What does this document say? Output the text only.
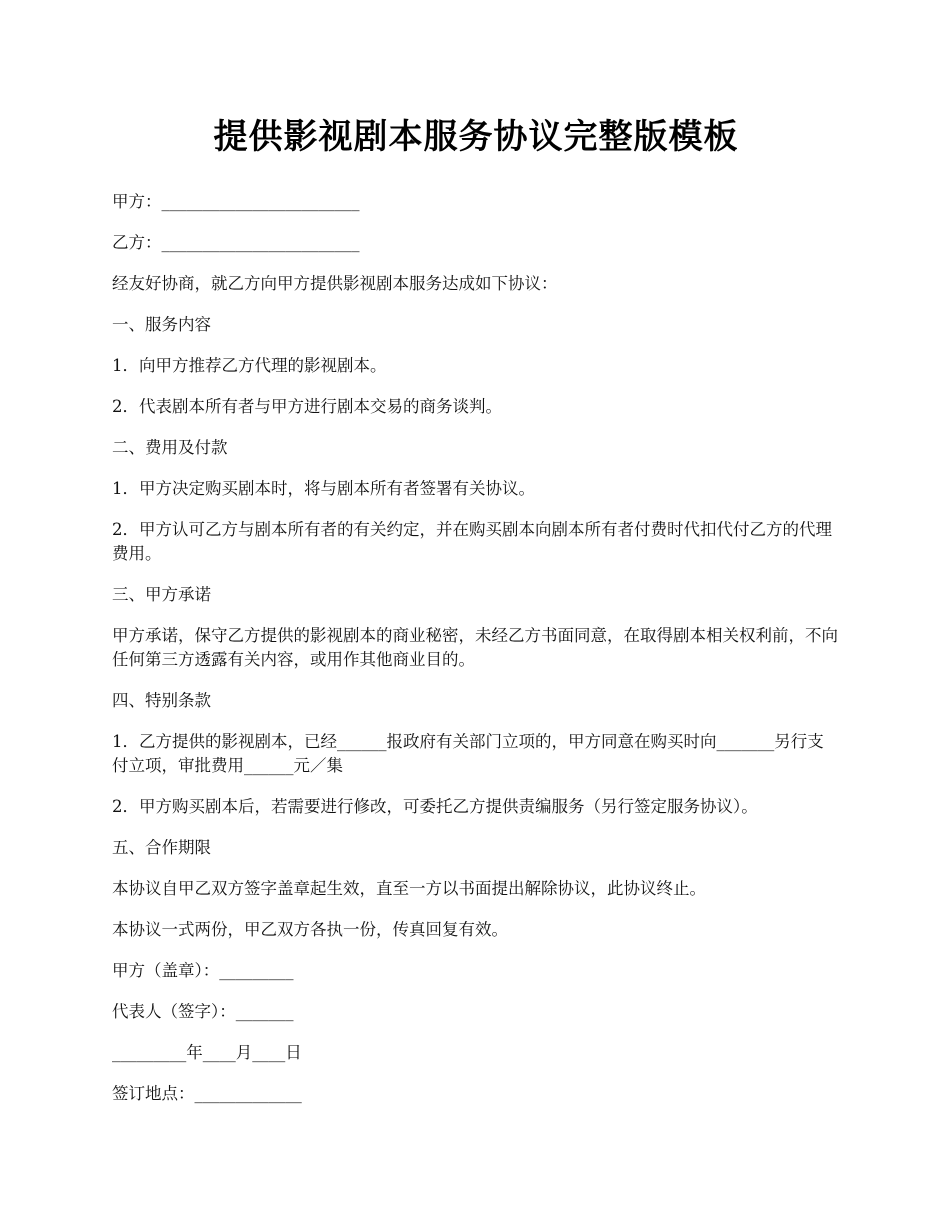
提供影视剧本服务协议完整版模板

甲方：________________________

乙方：________________________

经友好协商，就乙方向甲方提供影视剧本服务达成如下协议：

一、服务内容

1．向甲方推荐乙方代理的影视剧本。

2．代表剧本所有者与甲方进行剧本交易的商务谈判。

二、费用及付款

1．甲方决定购买剧本时，将与剧本所有者签署有关协议。

2．甲方认可乙方与剧本所有者的有关约定，并在购买剧本向剧本所有者付费时代扣代付乙方的代理费用。

三、甲方承诺

甲方承诺，保守乙方提供的影视剧本的商业秘密，未经乙方书面同意，在取得剧本相关权利前，不向任何第三方透露有关内容，或用作其他商业目的。

四、特别条款

1．乙方提供的影视剧本，已经______报政府有关部门立项的，甲方同意在购买时向_______另行支付立项，审批费用______元／集

2．甲方购买剧本后，若需要进行修改，可委托乙方提供责编服务（另行签定服务协议）。

五、合作期限

本协议自甲乙双方签字盖章起生效，直至一方以书面提出解除协议，此协议终止。

本协议一式两份，甲乙双方各执一份，传真回复有效。

甲方（盖章）：_________

代表人（签字）：_______

_________年____月____日

签订地点：_____________
